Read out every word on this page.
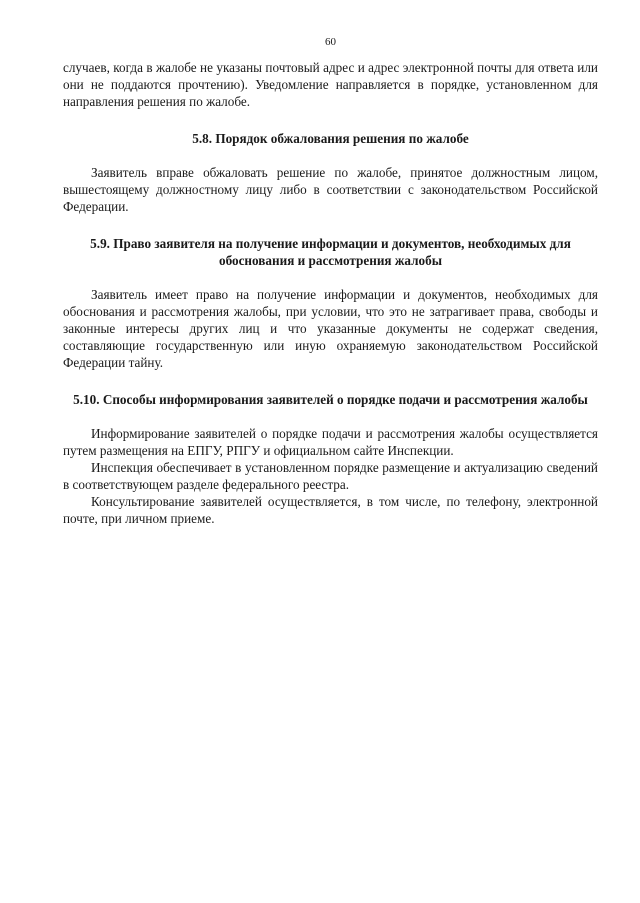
60

случаев, когда в жалобе не указаны почтовый адрес и адрес электронной почты для ответа или они не поддаются прочтению). Уведомление направляется в порядке, установленном для направления решения по жалобе.

5.8. Порядок обжалования решения по жалобе

Заявитель вправе обжаловать решение по жалобе, принятое должностным лицом, вышестоящему должностному лицу либо в соответствии с законодательством Российской Федерации.

5.9. Право заявителя на получение информации и документов, необходимых для обоснования и рассмотрения жалобы

Заявитель имеет право на получение информации и документов, необходимых для обоснования и рассмотрения жалобы, при условии, что это не затрагивает права, свободы и законные интересы других лиц и что указанные документы не содержат сведения, составляющие государственную или иную охраняемую законодательством Российской Федерации тайну.

5.10. Способы информирования заявителей о порядке подачи и рассмотрения жалобы

Информирование заявителей о порядке подачи и рассмотрения жалобы осуществляется путем размещения на ЕПГУ, РПГУ и официальном сайте Инспекции.

Инспекция обеспечивает в установленном порядке размещение и актуализацию сведений в соответствующем разделе федерального реестра.

Консультирование заявителей осуществляется, в том числе, по телефону, электронной почте, при личном приеме.
